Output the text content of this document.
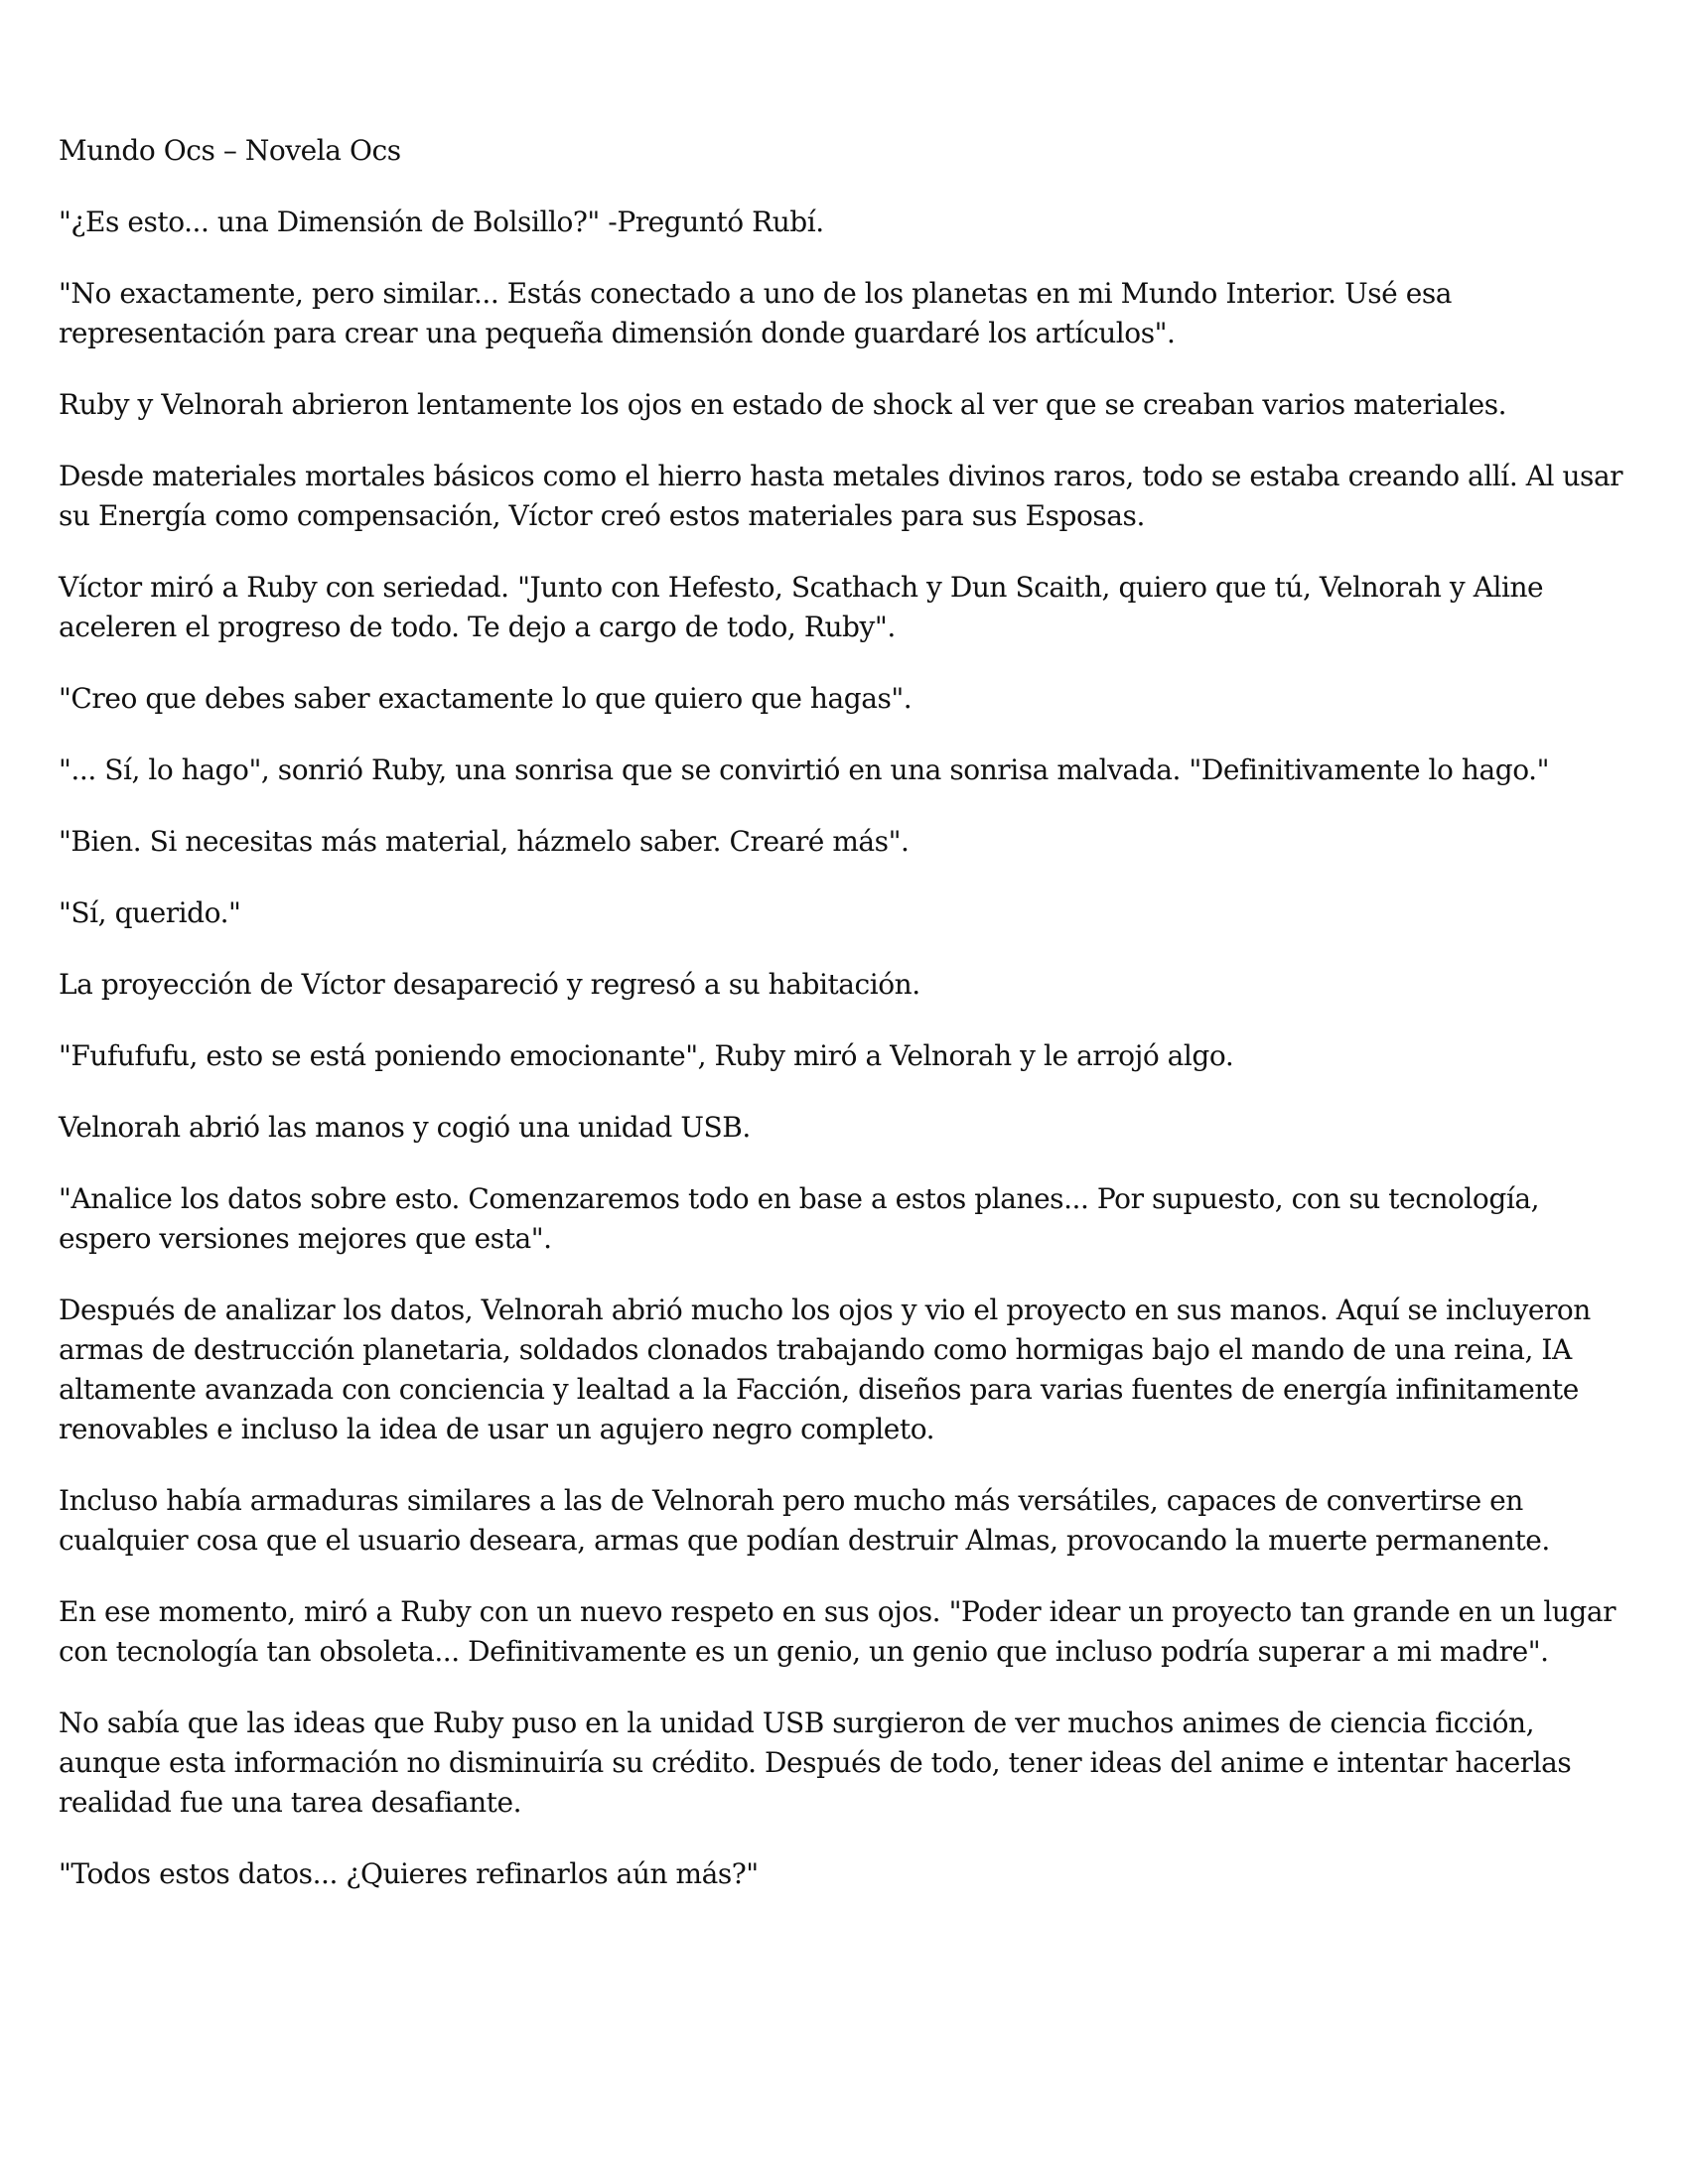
Mundo Ocs – Novela Ocs

"¿Es esto... una Dimensión de Bolsillo?" -Preguntó Rubí.

"No exactamente, pero similar... Estás conectado a uno de los planetas en mi Mundo Interior. Usé esa representación para crear una pequeña dimensión donde guardaré los artículos".

Ruby y Velnorah abrieron lentamente los ojos en estado de shock al ver que se creaban varios materiales.

Desde materiales mortales básicos como el hierro hasta metales divinos raros, todo se estaba creando allí. Al usar su Energía como compensación, Víctor creó estos materiales para sus Esposas.

Víctor miró a Ruby con seriedad. "Junto con Hefesto, Scathach y Dun Scaith, quiero que tú, Velnorah y Aline aceleren el progreso de todo. Te dejo a cargo de todo, Ruby".

"Creo que debes saber exactamente lo que quiero que hagas".

"... Sí, lo hago", sonrió Ruby, una sonrisa que se convirtió en una sonrisa malvada. "Definitivamente lo hago."

"Bien. Si necesitas más material, házmelo saber. Crearé más".

"Sí, querido."

La proyección de Víctor desapareció y regresó a su habitación.

"Fufufufu, esto se está poniendo emocionante", Ruby miró a Velnorah y le arrojó algo.

Velnorah abrió las manos y cogió una unidad USB.

"Analice los datos sobre esto. Comenzaremos todo en base a estos planes... Por supuesto, con su tecnología, espero versiones mejores que esta".

Después de analizar los datos, Velnorah abrió mucho los ojos y vio el proyecto en sus manos. Aquí se incluyeron armas de destrucción planetaria, soldados clonados trabajando como hormigas bajo el mando de una reina, IA altamente avanzada con conciencia y lealtad a la Facción, diseños para varias fuentes de energía infinitamente renovables e incluso la idea de usar un agujero negro completo.

Incluso había armaduras similares a las de Velnorah pero mucho más versátiles, capaces de convertirse en cualquier cosa que el usuario deseara, armas que podían destruir Almas, provocando la muerte permanente.

En ese momento, miró a Ruby con un nuevo respeto en sus ojos. "Poder idear un proyecto tan grande en un lugar con tecnología tan obsoleta... Definitivamente es un genio, un genio que incluso podría superar a mi madre".

No sabía que las ideas que Ruby puso en la unidad USB surgieron de ver muchos animes de ciencia ficción, aunque esta información no disminuiría su crédito. Después de todo, tener ideas del anime e intentar hacerlas realidad fue una tarea desafiante.

"Todos estos datos... ¿Quieres refinarlos aún más?"
